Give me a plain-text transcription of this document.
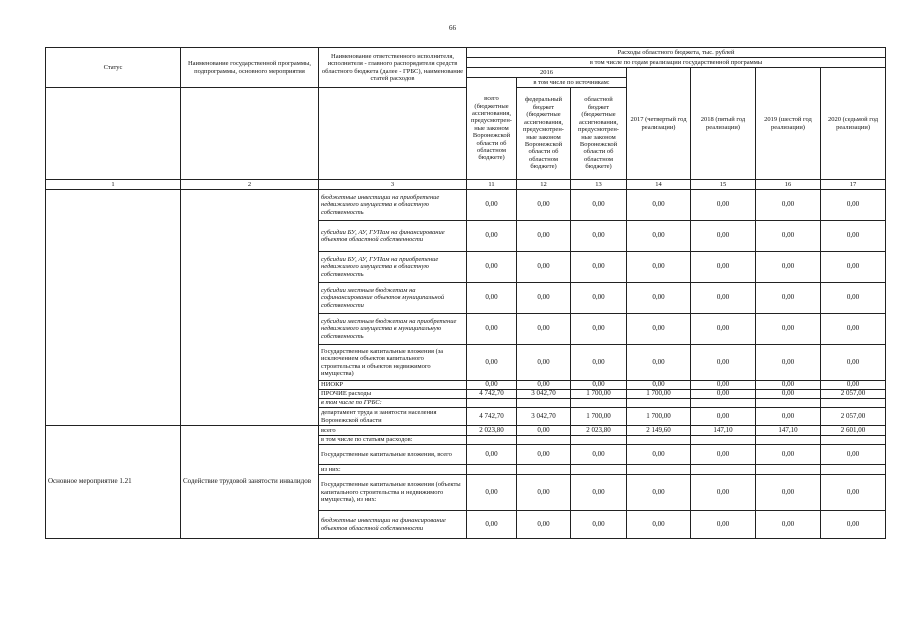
66
Статус	Наименование государственной программы, подпрограммы, основного мероприятия	Наименование ответственного исполнителя, исполнителя - главного распорядителя средств областного бюджета (далее - ГРБС), наименование статей расходов	Расходы областного бюджета, тыс. рублей						
			в том числе по годам реализации государственной программы						
			2016			2017 (четвертый год реализации)	2018 (пятый год реализации)	2019 (шестой год реализации)	2020 (седьмой год реализации)
			всего (бюджетные ассигнования, предусмотрен- ные законом Воронежской области об областном бюджете)	в том числе по источникам:					
				федеральный бюджет (бюджетные ассигнования, предусмотрен- ные законом Воронежской области об областном бюджете)	областной бюджет (бюджетные ассигнования, предусмотрен- ные законом Воронежской области об областном бюджете)				
1	2	3	11	12	13	14	15	16	17
		бюджетные инвестиции на приобретение недвижимого имущества в областную собственность	0,00	0,00	0,00	0,00	0,00	0,00	0,00
		субсидии БУ, АУ, ГУПам на финансирование объектов областной собственности	0,00	0,00	0,00	0,00	0,00	0,00	0,00
		субсидии БУ, АУ, ГУПам на приобретение недвижимого имущества в областную собственность	0,00	0,00	0,00	0,00	0,00	0,00	0,00
		субсидии местным бюджетам на софинансирование объектов муниципальной собственности	0,00	0,00	0,00	0,00	0,00	0,00	0,00
		субсидии местным бюджетам на приобретение недвижимого имущества в муниципальную собственность	0,00	0,00	0,00	0,00	0,00	0,00	0,00
		Государственные капитальные вложения (за исключением объектов капитального строительства и объектов недвижимого имущества)	0,00	0,00	0,00	0,00	0,00	0,00	0,00
		НИОКР	0,00	0,00	0,00	0,00	0,00	0,00	0,00
		ПРОЧИЕ расходы	4 742,70	3 042,70	1 700,00	1 700,00	0,00	0,00	2 057,00
		в том числе по ГРБС:							
		департамент труда и занятости населения Воронежской области	4 742,70	3 042,70	1 700,00	1 700,00	0,00	0,00	2 057,00
Основное мероприятие 1.21	Содействие трудовой занятости инвалидов	всего	2 023,80	0,00	2 023,80	2 149,60	147,10	147,10	2 601,00
		в том числе по статьям расходов:							
		Государственные капитальные вложения, всего	0,00	0,00	0,00	0,00	0,00	0,00	0,00
		из них:							
		Государственные капитальные вложения (объекты капитального строительства и недвижимого имущества), из них:	0,00	0,00	0,00	0,00	0,00	0,00	0,00
		бюджетные инвестиции на финансирование объектов областной собственности	0,00	0,00	0,00	0,00	0,00	0,00	0,00
